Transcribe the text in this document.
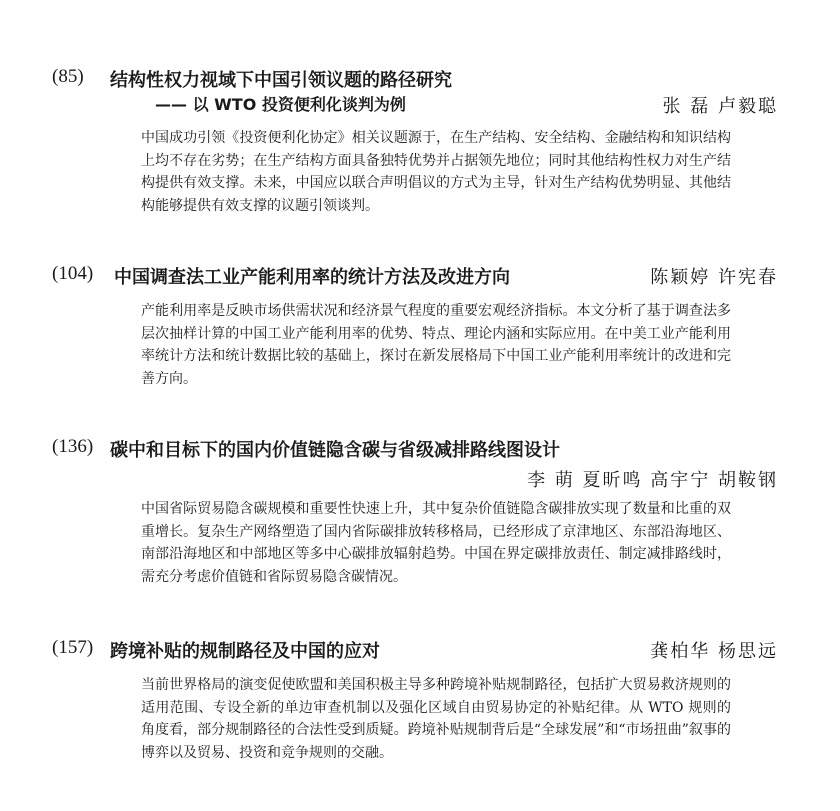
(85) 结构性权力视域下中国引领议题的路径研究
—— 以 WTO 投资便利化谈判为例	张 磊 卢毅聪

中国成功引领《投资便利化协定》相关议题源于，在生产结构、安全结构、金融结构和知识结构上均不存在劣势；在生产结构方面具备独特优势并占据领先地位；同时其他结构性权力对生产结构提供有效支撑。未来，中国应以联合声明倡议的方式为主导，针对生产结构优势明显、其他结构能够提供有效支撑的议题引领谈判。

(104) 中国调查法工业产能利用率的统计方法及改进方向	陈颖婷 许宪春

产能利用率是反映市场供需状况和经济景气程度的重要宏观经济指标。本文分析了基于调查法多层次抽样计算的中国工业产能利用率的优势、特点、理论内涵和实际应用。在中美工业产能利用率统计方法和统计数据比较的基础上，探讨在新发展格局下中国工业产能利用率统计的改进和完善方向。

(136) 碳中和目标下的国内价值链隐含碳与省级减排路线图设计
李 萌 夏昕鸣 高宇宁 胡鞍钢

中国省际贸易隐含碳规模和重要性快速上升，其中复杂价值链隐含碳排放实现了数量和比重的双重增长。复杂生产网络塑造了国内省际碳排放转移格局，已经形成了京津地区、东部沿海地区、南部沿海地区和中部地区等多中心碳排放辐射趋势。中国在界定碳排放责任、制定减排路线时，需充分考虑价值链和省际贸易隐含碳情况。

(157) 跨境补贴的规制路径及中国的应对	龚柏华 杨思远

当前世界格局的演变促使欧盟和美国积极主导多种跨境补贴规制路径，包括扩大贸易救济规则的适用范围、专设全新的单边审查机制以及强化区域自由贸易协定的补贴纪律。从 WTO 规则的角度看，部分规制路径的合法性受到质疑。跨境补贴规制背后是“全球发展”和“市场扭曲”叙事的博弈以及贸易、投资和竞争规则的交融。
